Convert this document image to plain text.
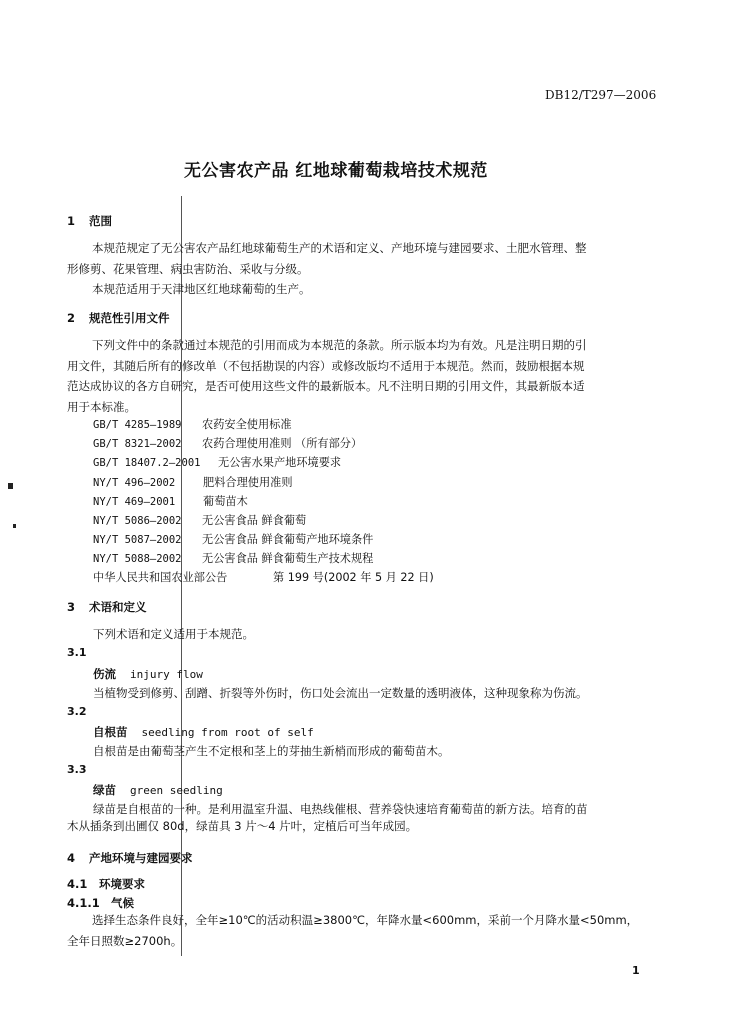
DB12/T297—2006
无公害农产品 红地球葡萄栽培技术规范
1 范围
本规范规定了无公害农产品红地球葡萄生产的术语和定义、产地环境与建园要求、土肥水管理、整
形修剪、花果管理、病虫害防治、采收与分级。
本规范适用于天津地区红地球葡萄的生产。
2 规范性引用文件
下列文件中的条款通过本规范的引用而成为本规范的条款。所示版本均为有效。凡是注明日期的引
用文件，其随后所有的修改单（不包括勘误的内容）或修改版均不适用于本规范。然而，鼓励根据本规
范达成协议的各方自研究，是否可使用这些文件的最新版本。凡不注明日期的引用文件，其最新版本适
用于本标准。
GB/T 4285—1989 农药安全使用标准
GB/T 8321—2002 农药合理使用准则 （所有部分）
GB/T 18407.2—2001 无公害水果产地环境要求
NY/T 496—2002 肥料合理使用准则
NY/T 469—2001 葡萄苗木
NY/T 5086—2002 无公害食品 鲜食葡萄
NY/T 5087—2002 无公害食品 鲜食葡萄产地环境条件
NY/T 5088—2002 无公害食品 鲜食葡萄生产技术规程
中华人民共和国农业部公告	第 199 号(2002 年 5 月 22 日)
3 术语和定义
下列术语和定义适用于本规范。
3.1
伤流 injury flow
当植物受到修剪、刮蹭、折裂等外伤时，伤口处会流出一定数量的透明液体，这种现象称为伤流。
3.2
自根苗 seedling from root of self
自根苗是由葡萄茎产生不定根和茎上的芽抽生新梢而形成的葡萄苗木。
3.3
绿苗 green seedling
绿苗是自根苗的一种。是利用温室升温、电热线催根、营养袋快速培育葡萄苗的新方法。培育的苗
木从插条到出圃仅 80d，绿苗具 3 片～4 片叶，定植后可当年成园。
4 产地环境与建园要求
4.1 环境要求
4.1.1 气候
选择生态条件良好，全年≥10℃的活动积温≥3800℃，年降水量<600mm，采前一个月降水量<50mm，
全年日照数≥2700h。
1
